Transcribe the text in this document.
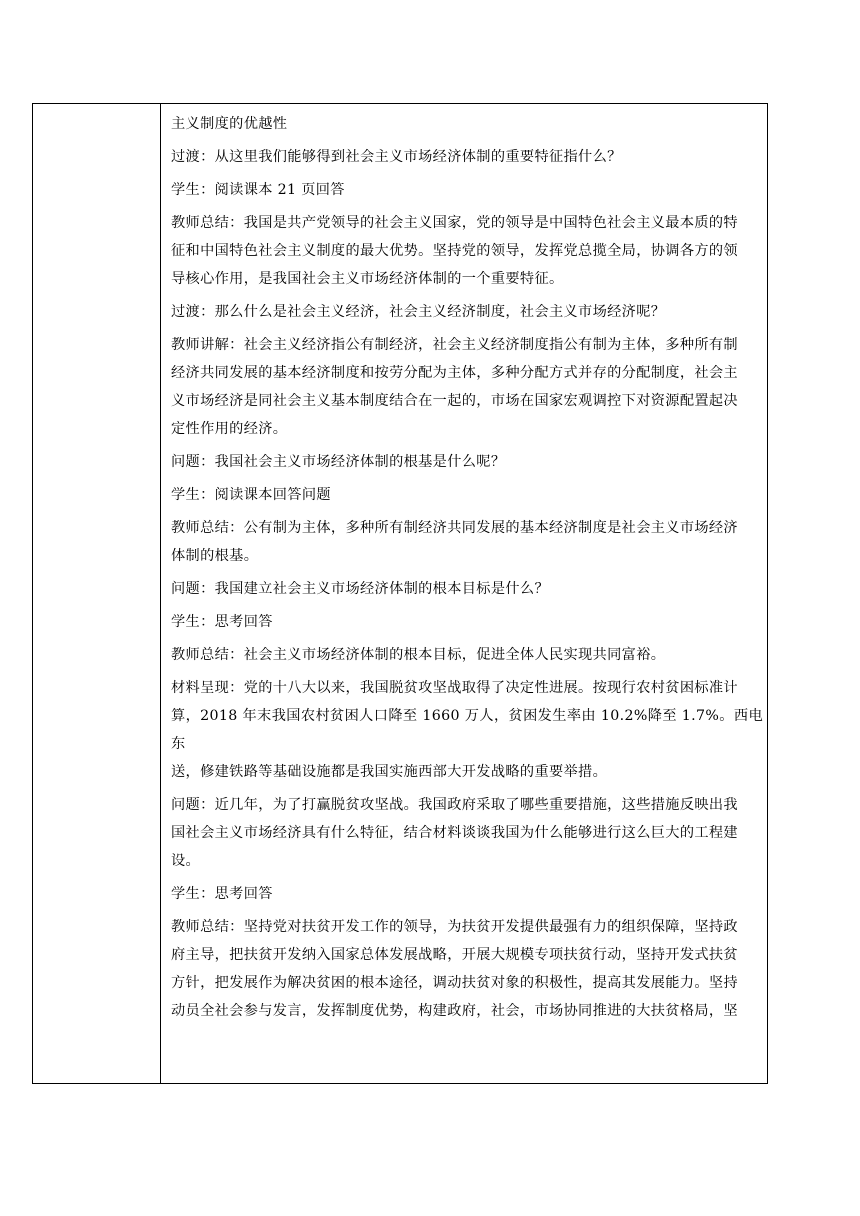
主义制度的优越性

过渡：从这里我们能够得到社会主义市场经济体制的重要特征指什么？

学生：阅读课本 21 页回答

教师总结：我国是共产党领导的社会主义国家，党的领导是中国特色社会主义最本质的特

征和中国特色社会主义制度的最大优势。坚持党的领导，发挥党总揽全局，协调各方的领

导核心作用，是我国社会主义市场经济体制的一个重要特征。

过渡：那么什么是社会主义经济，社会主义经济制度，社会主义市场经济呢？

教师讲解：社会主义经济指公有制经济，社会主义经济制度指公有制为主体，多种所有制

经济共同发展的基本经济制度和按劳分配为主体，多种分配方式并存的分配制度，社会主

义市场经济是同社会主义基本制度结合在一起的，市场在国家宏观调控下对资源配置起决

定性作用的经济。

问题：我国社会主义市场经济体制的根基是什么呢？

学生：阅读课本回答问题

教师总结：公有制为主体，多种所有制经济共同发展的基本经济制度是社会主义市场经济

体制的根基。

问题：我国建立社会主义市场经济体制的根本目标是什么？

学生：思考回答

教师总结：社会主义市场经济体制的根本目标，促进全体人民实现共同富裕。

材料呈现：党的十八大以来，我国脱贫攻坚战取得了决定性进展。按现行农村贫困标准计

算，2018 年末我国农村贫困人口降至 1660 万人，贫困发生率由 10.2%降至 1.7%。西电东

送，修建铁路等基础设施都是我国实施西部大开发战略的重要举措。

问题：近几年，为了打赢脱贫攻坚战。我国政府采取了哪些重要措施，这些措施反映出我

国社会主义市场经济具有什么特征，结合材料谈谈我国为什么能够进行这么巨大的工程建

设。

学生：思考回答

教师总结：坚持党对扶贫开发工作的领导，为扶贫开发提供最强有力的组织保障，坚持政

府主导，把扶贫开发纳入国家总体发展战略，开展大规模专项扶贫行动，坚持开发式扶贫

方针，把发展作为解决贫困的根本途径，调动扶贫对象的积极性，提高其发展能力。坚持

动员全社会参与发言，发挥制度优势，构建政府，社会，市场协同推进的大扶贫格局，坚
